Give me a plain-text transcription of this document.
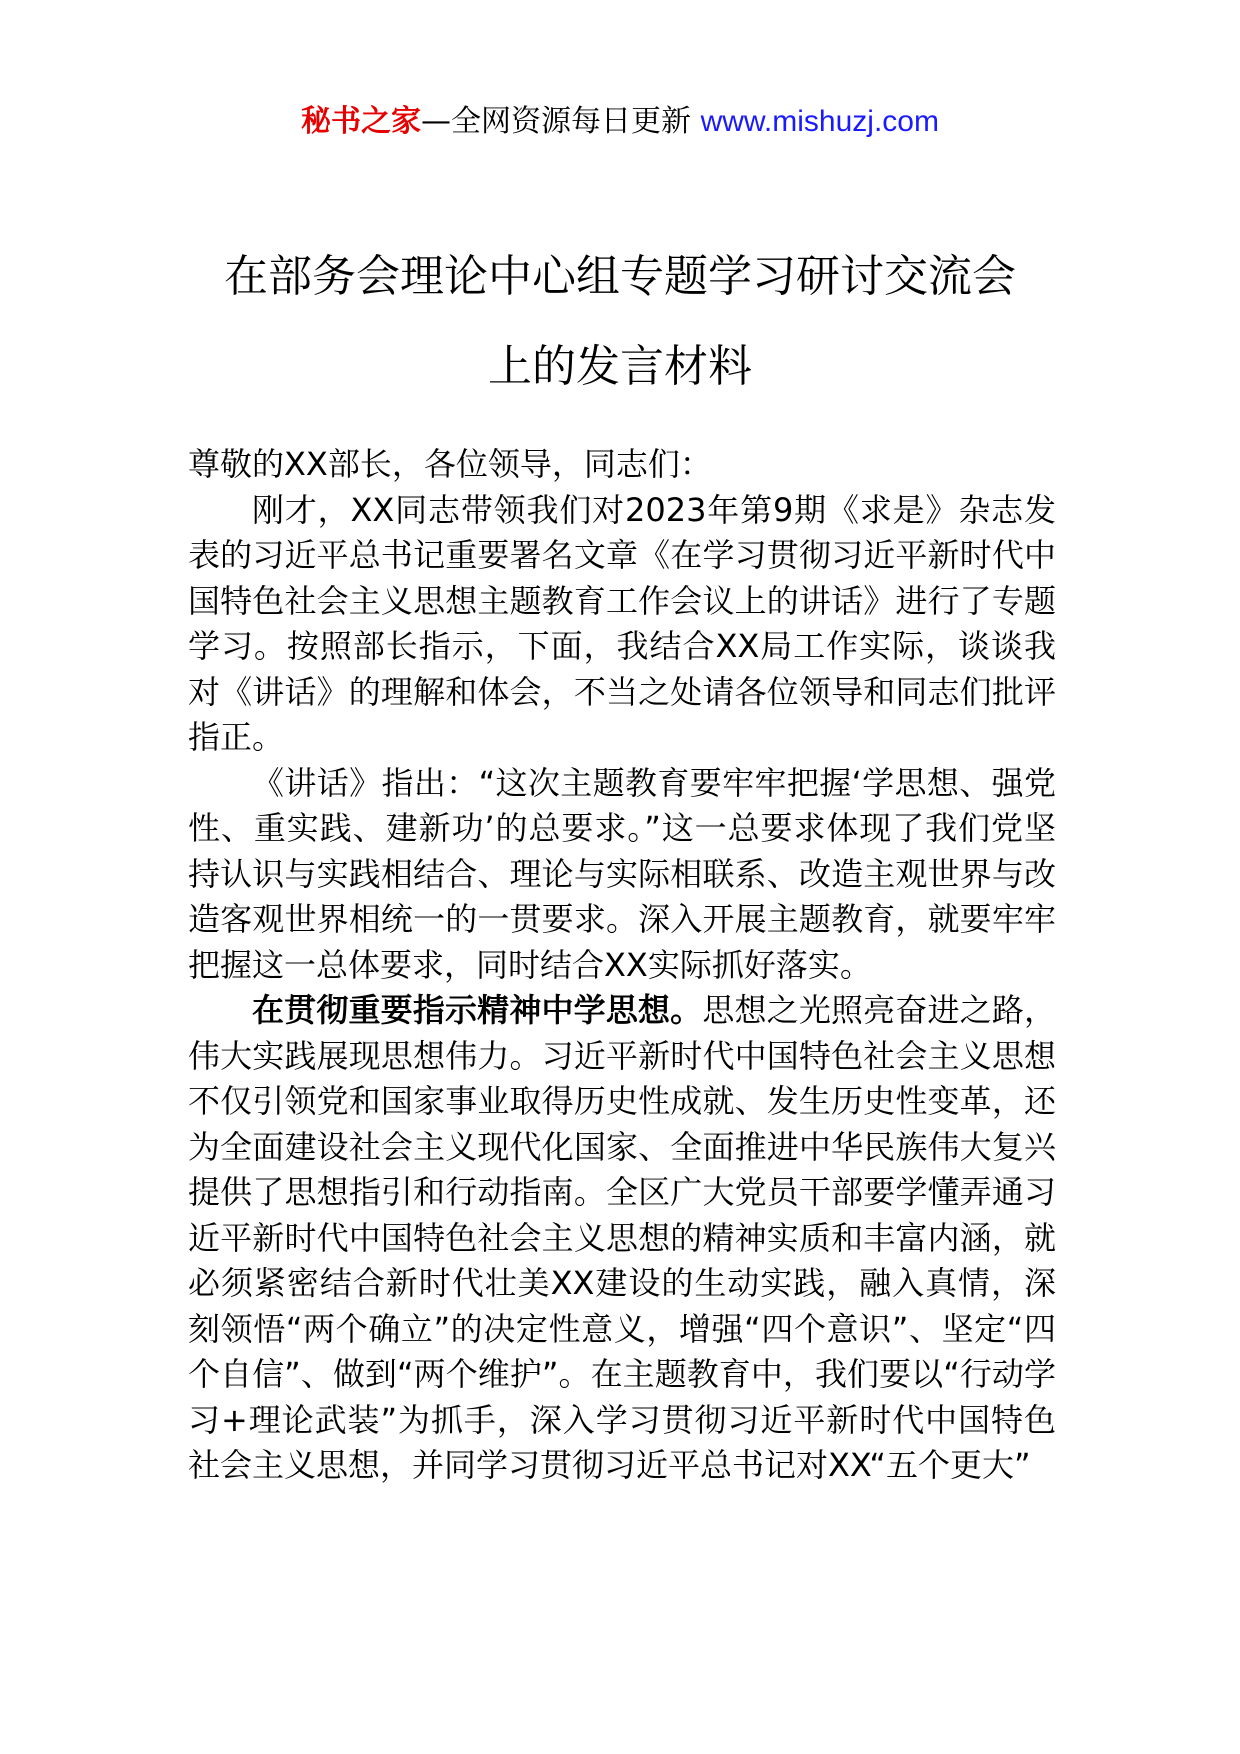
秘书之家—全网资源每日更新 www.mishuzj.com
在部务会理论中心组专题学习研讨交流会
上的发言材料

尊敬的XX部长，各位领导，同志们：

刚才，XX同志带领我们对2023年第9期《求是》杂志发表的习近平总书记重要署名文章《在学习贯彻习近平新时代中国特色社会主义思想主题教育工作会议上的讲话》进行了专题学习。按照部长指示，下面，我结合XX局工作实际，谈谈我对《讲话》的理解和体会，不当之处请各位领导和同志们批评指正。

《讲话》指出：“这次主题教育要牢牢把握‘学思想、强党性、重实践、建新功’的总要求。”这一总要求体现了我们党坚持认识与实践相结合、理论与实际相联系、改造主观世界与改造客观世界相统一的一贯要求。深入开展主题教育，就要牢牢把握这一总体要求，同时结合XX实际抓好落实。

在贯彻重要指示精神中学思想。思想之光照亮奋进之路，伟大实践展现思想伟力。习近平新时代中国特色社会主义思想不仅引领党和国家事业取得历史性成就、发生历史性变革，还为全面建设社会主义现代化国家、全面推进中华民族伟大复兴提供了思想指引和行动指南。全区广大党员干部要学懂弄通习近平新时代中国特色社会主义思想的精神实质和丰富内涵，就必须紧密结合新时代壮美XX建设的生动实践，融入真情，深刻领悟“两个确立”的决定性意义，增强“四个意识”、坚定“四个自信”、做到“两个维护”。在主题教育中，我们要以“行动学习+理论武装”为抓手，深入学习贯彻习近平新时代中国特色社会主义思想，并同学习贯彻习近平总书记对XX“五个更大”
